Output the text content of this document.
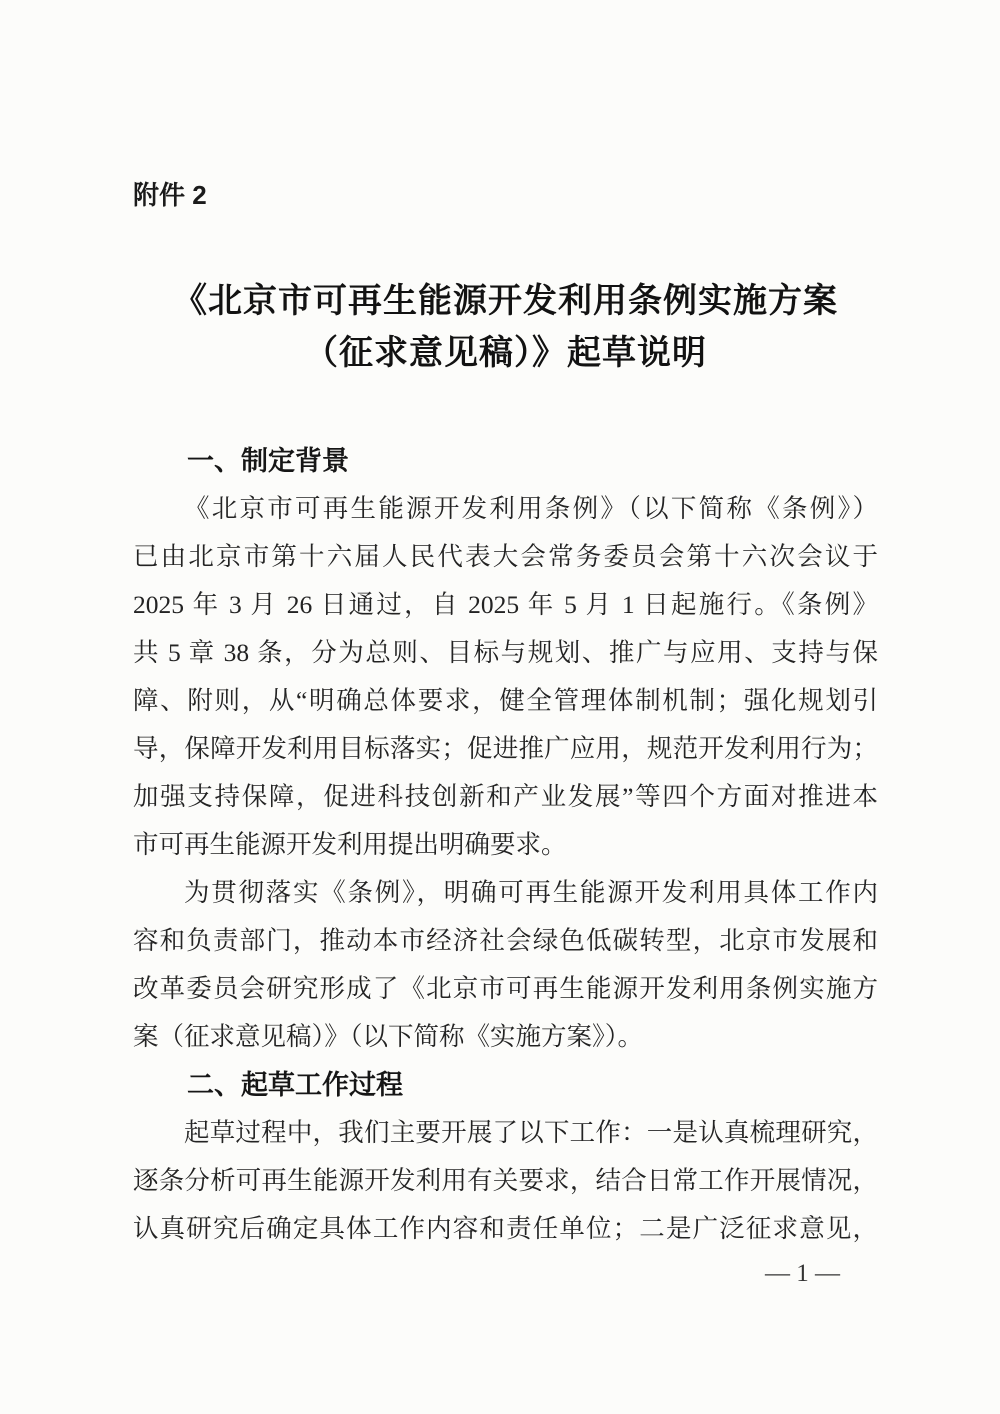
附件 2
《北京市可再生能源开发利用条例实施方案
（征求意见稿）》起草说明
一、制定背景
《北京市可再生能源开发利用条例》（以下简称《条例》）
已由北京市第十六届人民代表大会常务委员会第十六次会议于
2025 年 3 月 26 日通过，自 2025 年 5 月 1 日起施行。《条例》
共 5 章 38 条，分为总则、目标与规划、推广与应用、支持与保
障、附则，从“明确总体要求，健全管理体制机制；强化规划引
导，保障开发利用目标落实；促进推广应用，规范开发利用行为；
加强支持保障，促进科技创新和产业发展”等四个方面对推进本
市可再生能源开发利用提出明确要求。
为贯彻落实《条例》，明确可再生能源开发利用具体工作内
容和负责部门，推动本市经济社会绿色低碳转型，北京市发展和
改革委员会研究形成了《北京市可再生能源开发利用条例实施方
案（征求意见稿）》（以下简称《实施方案》）。
二、起草工作过程
起草过程中，我们主要开展了以下工作：一是认真梳理研究，
逐条分析可再生能源开发利用有关要求，结合日常工作开展情况，
认真研究后确定具体工作内容和责任单位；二是广泛征求意见，
— 1 —
